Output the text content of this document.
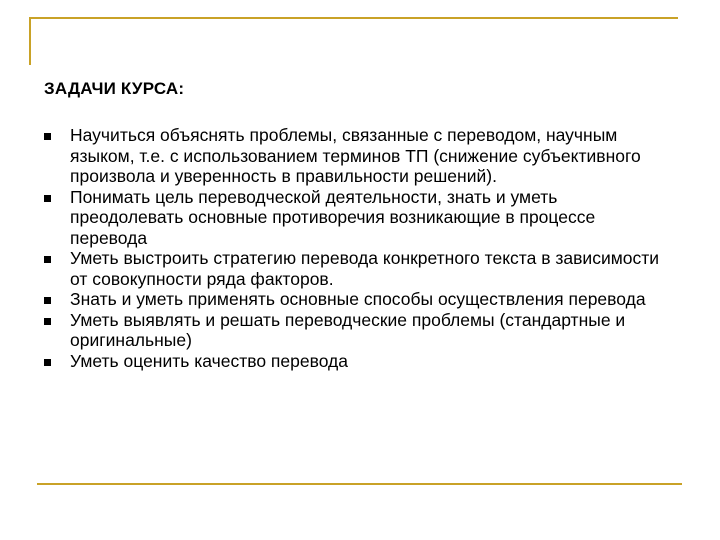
ЗАДАЧИ КУРСА:
Научиться объяснять проблемы, связанные с переводом, научным языком, т.е. с использованием терминов ТП (снижение субъективного произвола и уверенность в правильности решений).
Понимать цель переводческой деятельности, знать и уметь преодолевать основные противоречия возникающие в процессе перевода
Уметь выстроить стратегию перевода конкретного текста в зависимости от совокупности ряда факторов.
Знать и уметь применять основные способы осуществления перевода
Уметь выявлять и решать переводческие проблемы (стандартные и оригинальные)
Уметь оценить качество перевода
